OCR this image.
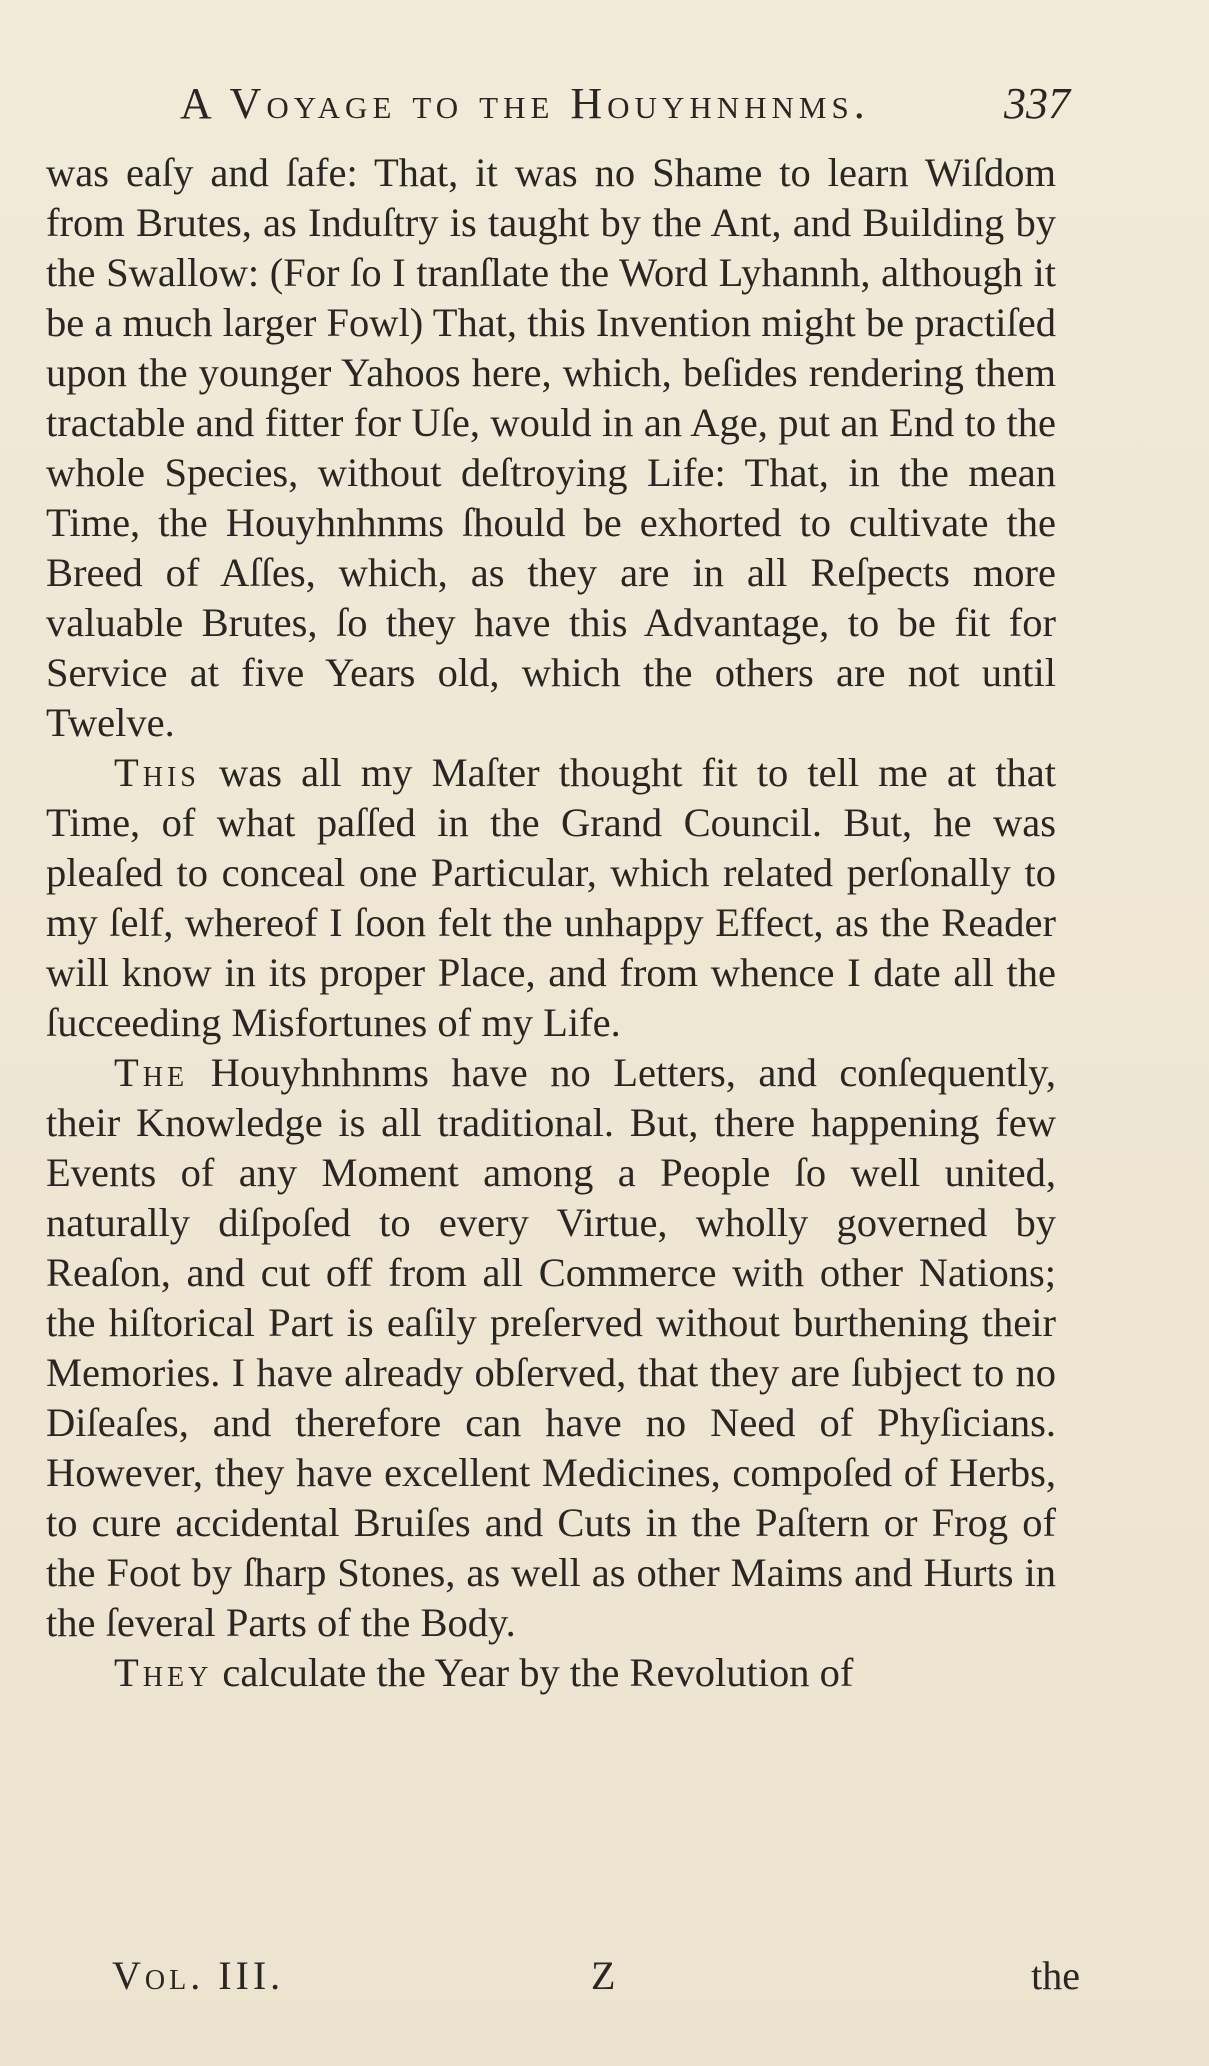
A Voyage to the Houyhnhnms.	337

was eaſy and ſafe: That, it was no Shame to learn Wiſdom from Brutes, as Induſtry is taught by the Ant, and Building by the Swallow: (For ſo I tranſlate the Word Lyhannh, although it be a much larger Fowl) That, this Invention might be practiſed upon the younger Yahoos here, which, beſides rendering them tractable and fitter for Uſe, would in an Age, put an End to the whole Species, without deſtroying Life: That, in the mean Time, the Houyhnhnms ſhould be exhorted to cultivate the Breed of Aſſes, which, as they are in all Reſpects more valuable Brutes, ſo they have this Advantage, to be fit for Service at five Years old, which the others are not until Twelve.

This was all my Maſter thought fit to tell me at that Time, of what paſſed in the Grand Council. But, he was pleaſed to conceal one Particular, which related perſonally to my ſelf, whereof I ſoon felt the unhappy Effect, as the Reader will know in its proper Place, and from whence I date all the ſucceeding Misfortunes of my Life.

The Houyhnhnms have no Letters, and conſequently, their Knowledge is all traditional. But, there happening few Events of any Moment among a People ſo well united, naturally diſpoſed to every Virtue, wholly governed by Reaſon, and cut off from all Commerce with other Nations; the hiſtorical Part is eaſily preſerved without burthening their Memories. I have already obſerved, that they are ſubject to no Diſeaſes, and therefore can have no Need of Phyſicians. However, they have excellent Medicines, compoſed of Herbs, to cure accidental Bruiſes and Cuts in the Paſtern or Frog of the Foot by ſharp Stones, as well as other Maims and Hurts in the ſeveral Parts of the Body.

They calculate the Year by the Revolution of

Vol. III.	Z	the
